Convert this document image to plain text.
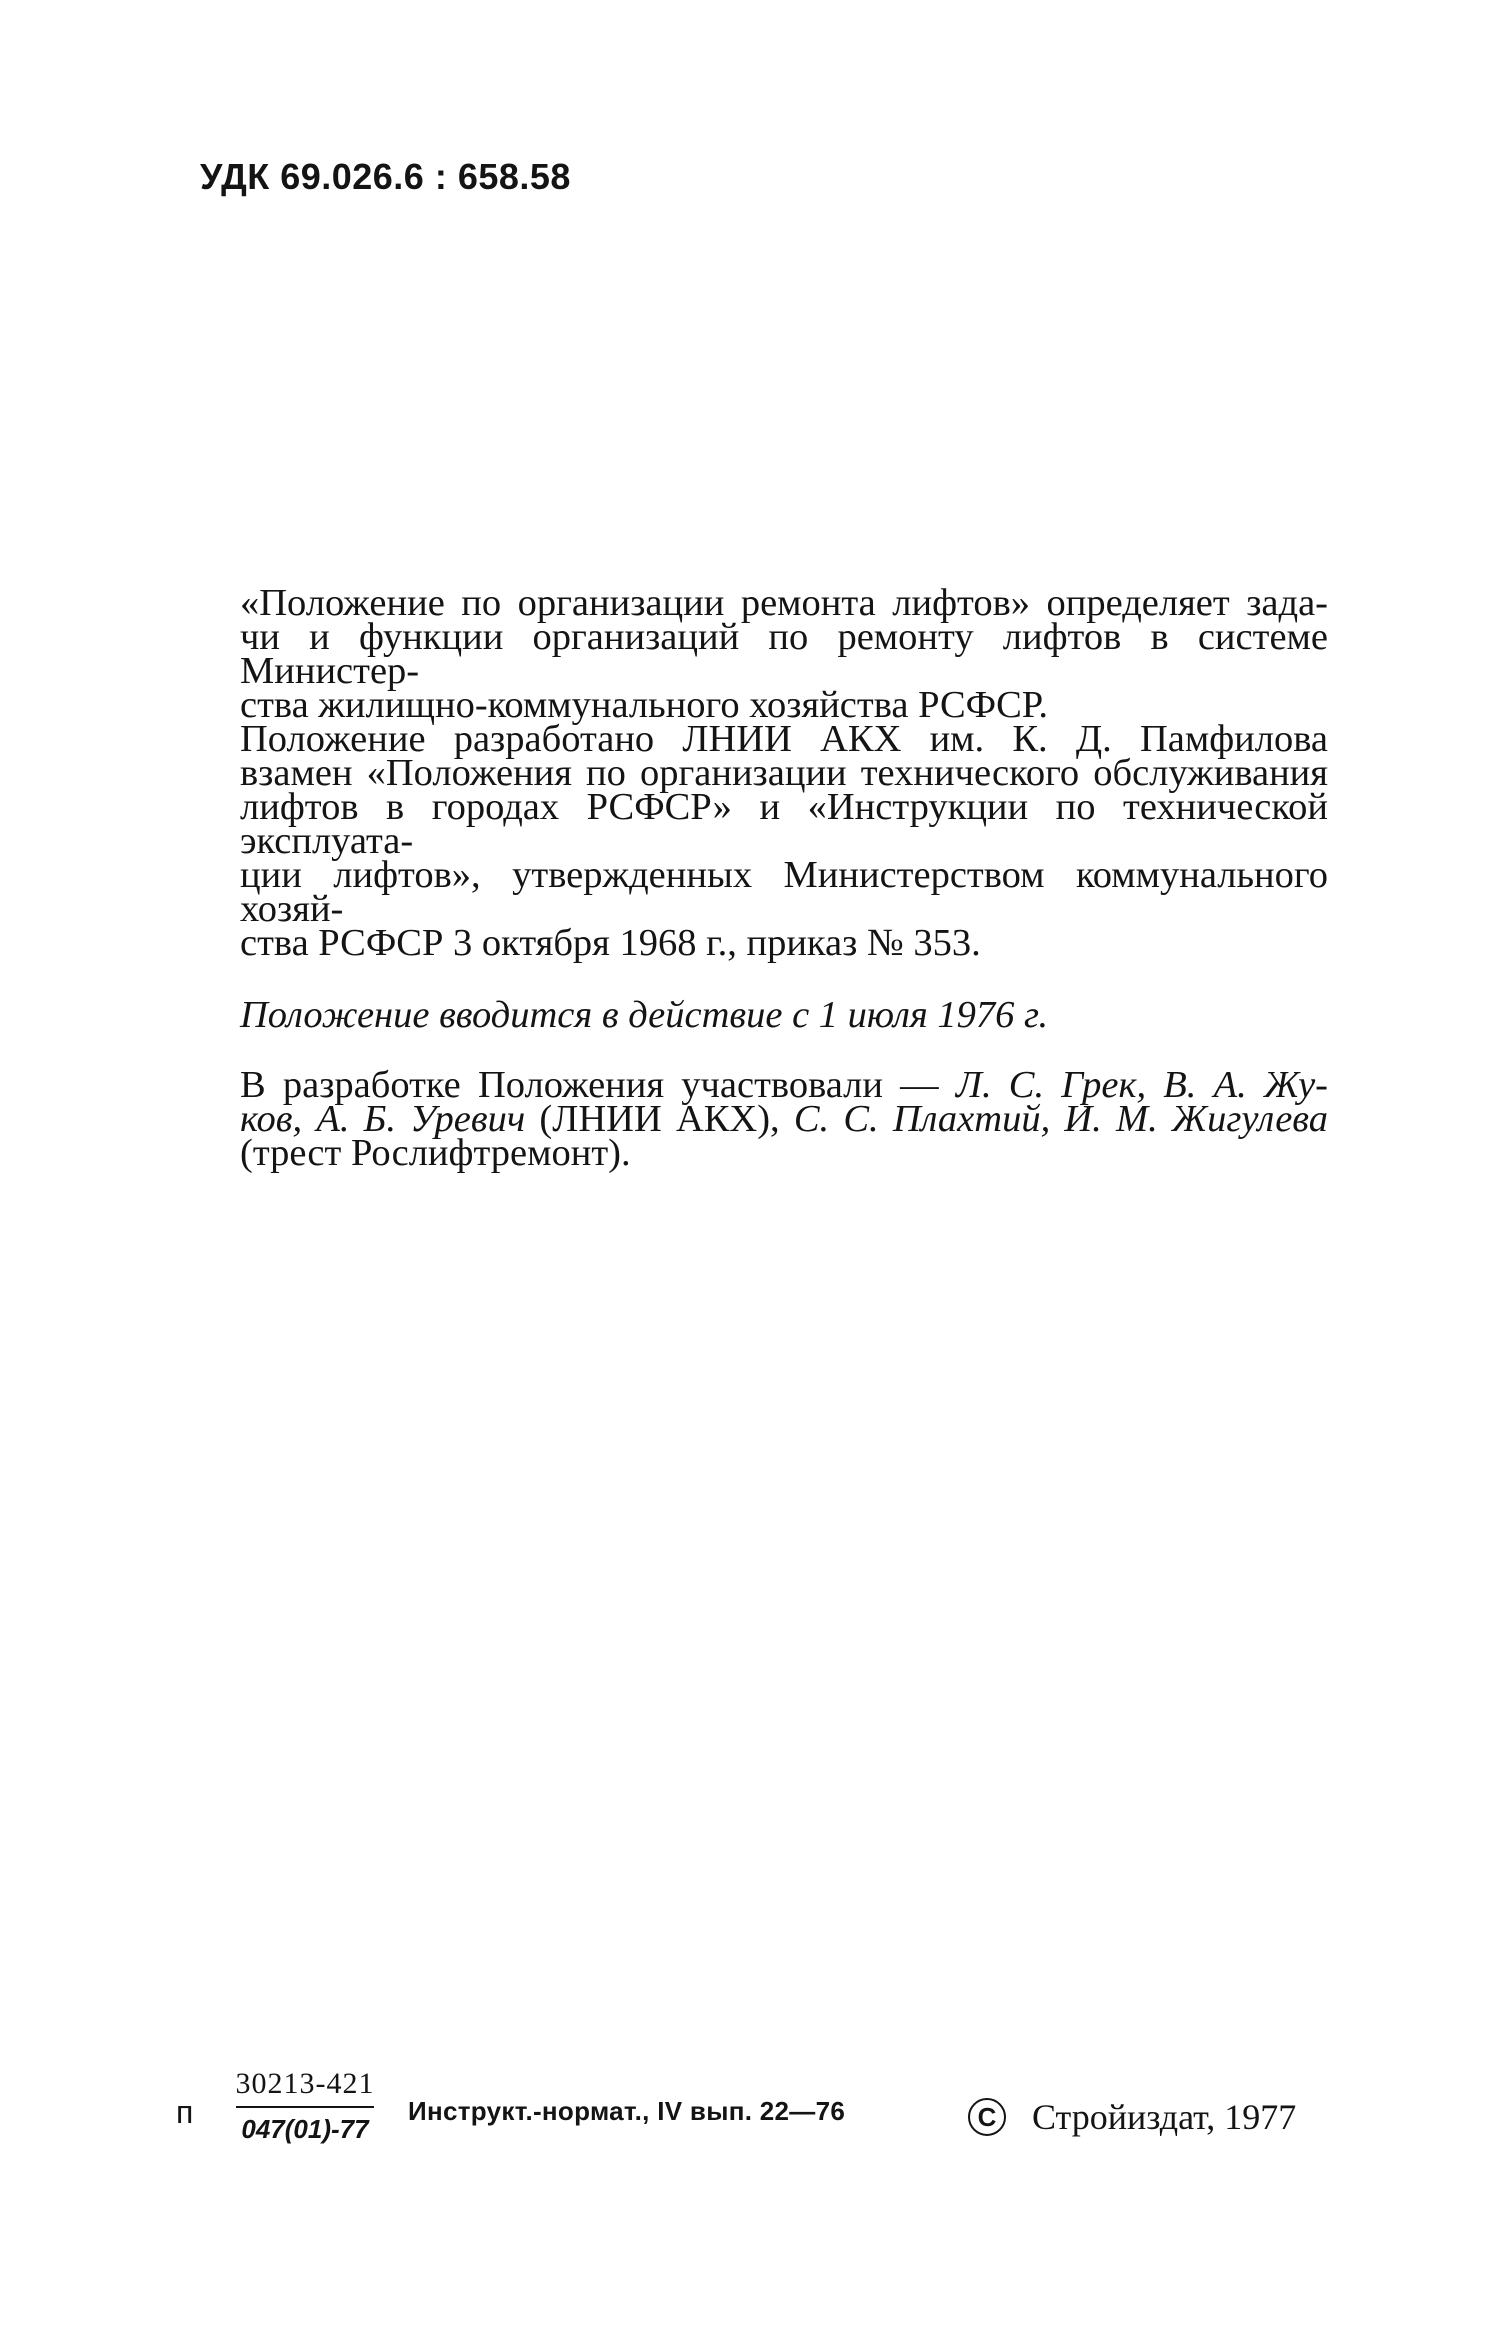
УДК 69.026.6 : 658.58

«Положение по организации ремонта лифтов» определяет зада-
чи и функции организаций по ремонту лифтов в системе Министер-
ства жилищно-коммунального хозяйства РСФСР.

Положение разработано ЛНИИ АКХ им. К. Д. Памфилова
взамен «Положения по организации технического обслуживания
лифтов в городах РСФСР» и «Инструкции по технической эксплуата-
ции лифтов», утвержденных Министерством коммунального хозяй-
ства РСФСР 3 октября 1968 г., приказ № 353.

Положение вводится в действие с 1 июля 1976 г.

В разработке Положения участвовали — Л. С. Грек, В. А. Жу-
ков, А. Б. Уревич (ЛНИИ АКХ), С. С. Плахтий, И. М. Жигулева
(трест Рослифтремонт).

п
30213-421
047(01)-77
Инструкт.-нормат., IV вып. 22—76	С Стройиздат, 1977
